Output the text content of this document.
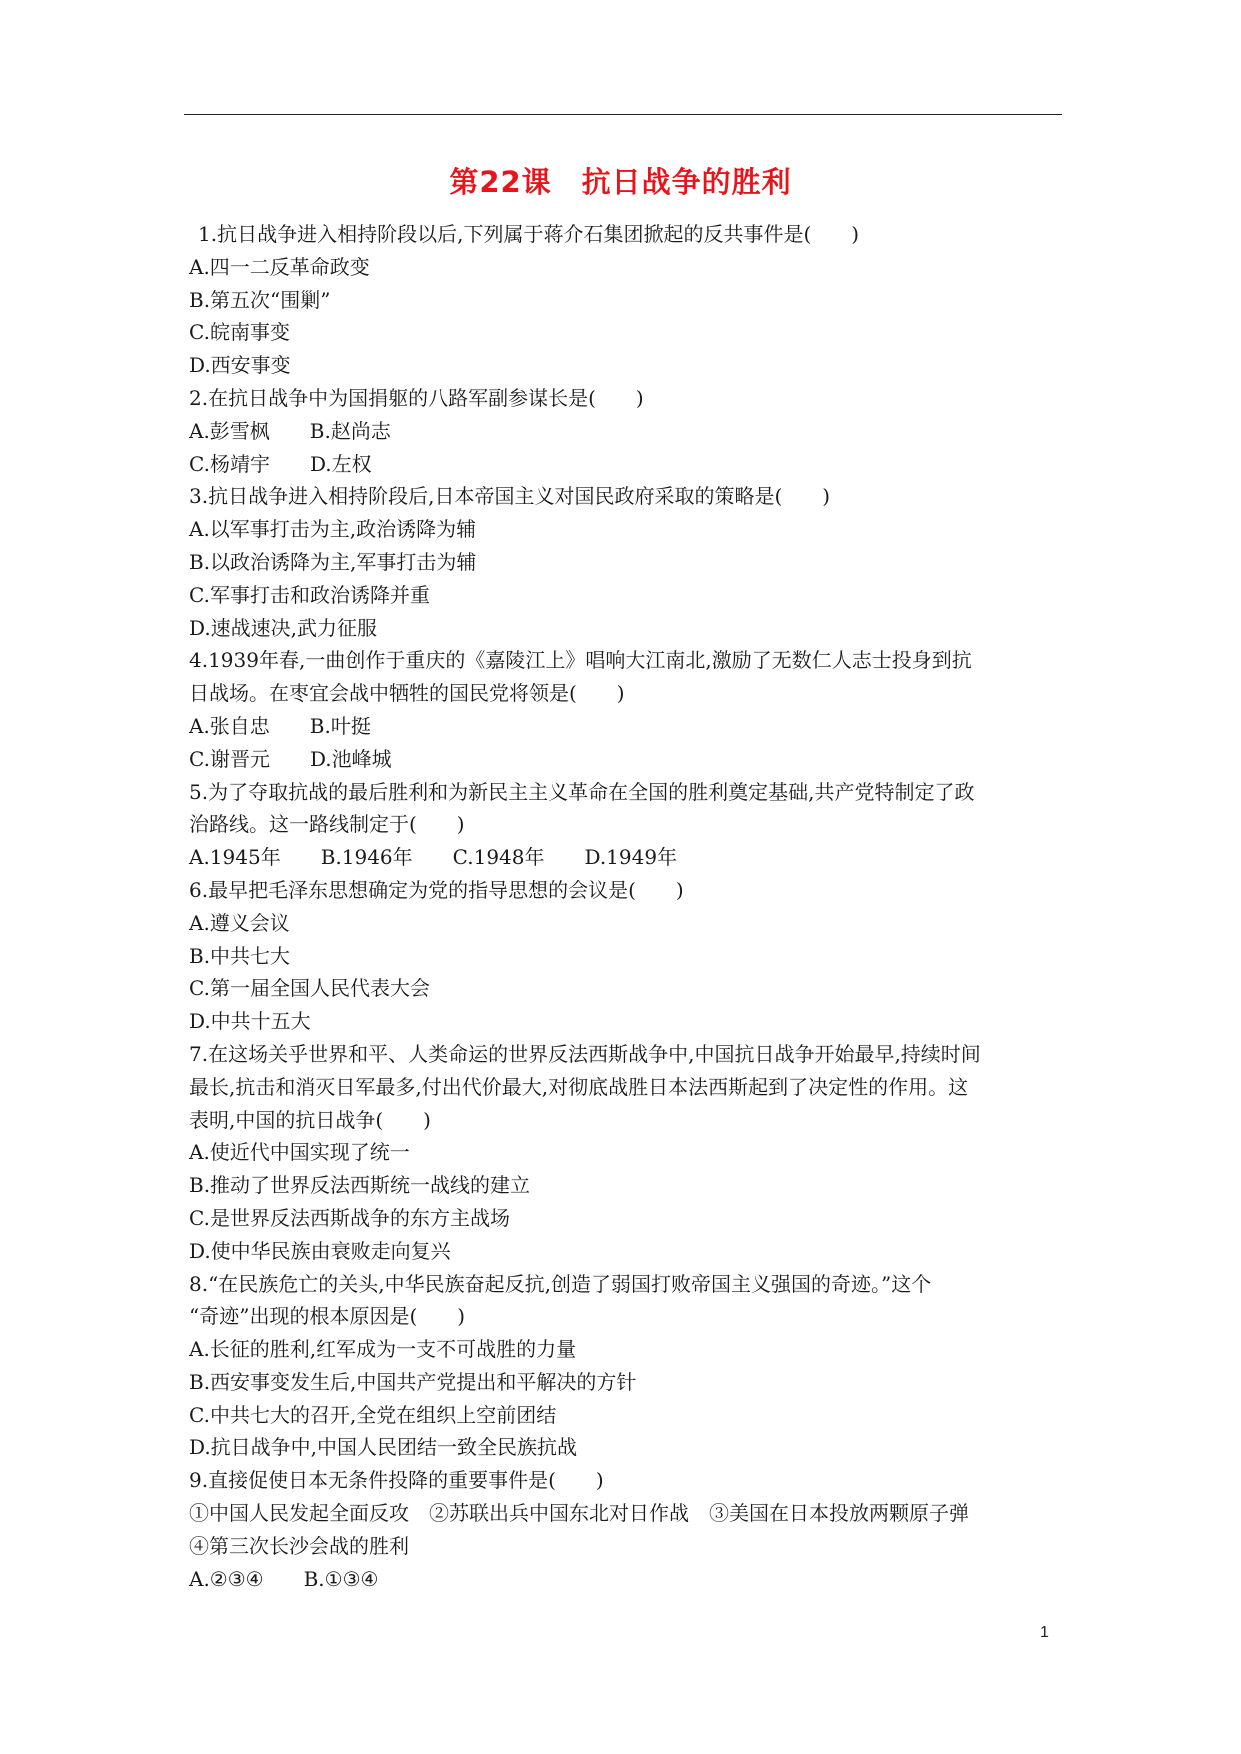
第22课　抗日战争的胜利
1.抗日战争进入相持阶段以后,下列属于蒋介石集团掀起的反共事件是(　　)
A.四一二反革命政变
B.第五次“围剿”
C.皖南事变
D.西安事变
2.在抗日战争中为国捐躯的八路军副参谋长是(　　)
A.彭雪枫　　B.赵尚志
C.杨靖宇　　D.左权
3.抗日战争进入相持阶段后,日本帝国主义对国民政府采取的策略是(　　)
A.以军事打击为主,政治诱降为辅
B.以政治诱降为主,军事打击为辅
C.军事打击和政治诱降并重
D.速战速决,武力征服
4.1939年春,一曲创作于重庆的《嘉陵江上》唱响大江南北,激励了无数仁人志士投身到抗
日战场。在枣宜会战中牺牲的国民党将领是(　　)
A.张自忠　　B.叶挺
C.谢晋元　　D.池峰城
5.为了夺取抗战的最后胜利和为新民主主义革命在全国的胜利奠定基础,共产党特制定了政
治路线。这一路线制定于(　　)
A.1945年　　B.1946年　　C.1948年　　D.1949年
6.最早把毛泽东思想确定为党的指导思想的会议是(　　)
A.遵义会议
B.中共七大
C.第一届全国人民代表大会
D.中共十五大
7.在这场关乎世界和平、人类命运的世界反法西斯战争中,中国抗日战争开始最早,持续时间
最长,抗击和消灭日军最多,付出代价最大,对彻底战胜日本法西斯起到了决定性的作用。这
表明,中国的抗日战争(　　)
A.使近代中国实现了统一
B.推动了世界反法西斯统一战线的建立
C.是世界反法西斯战争的东方主战场
D.使中华民族由衰败走向复兴
8.“在民族危亡的关头,中华民族奋起反抗,创造了弱国打败帝国主义强国的奇迹。”这个
“奇迹”出现的根本原因是(　　)
A.长征的胜利,红军成为一支不可战胜的力量
B.西安事变发生后,中国共产党提出和平解决的方针
C.中共七大的召开,全党在组织上空前团结
D.抗日战争中,中国人民团结一致全民族抗战
9.直接促使日本无条件投降的重要事件是(　　)
①中国人民发起全面反攻　②苏联出兵中国东北对日作战　③美国在日本投放两颗原子弹
④第三次长沙会战的胜利
A.②③④　　B.①③④
1
